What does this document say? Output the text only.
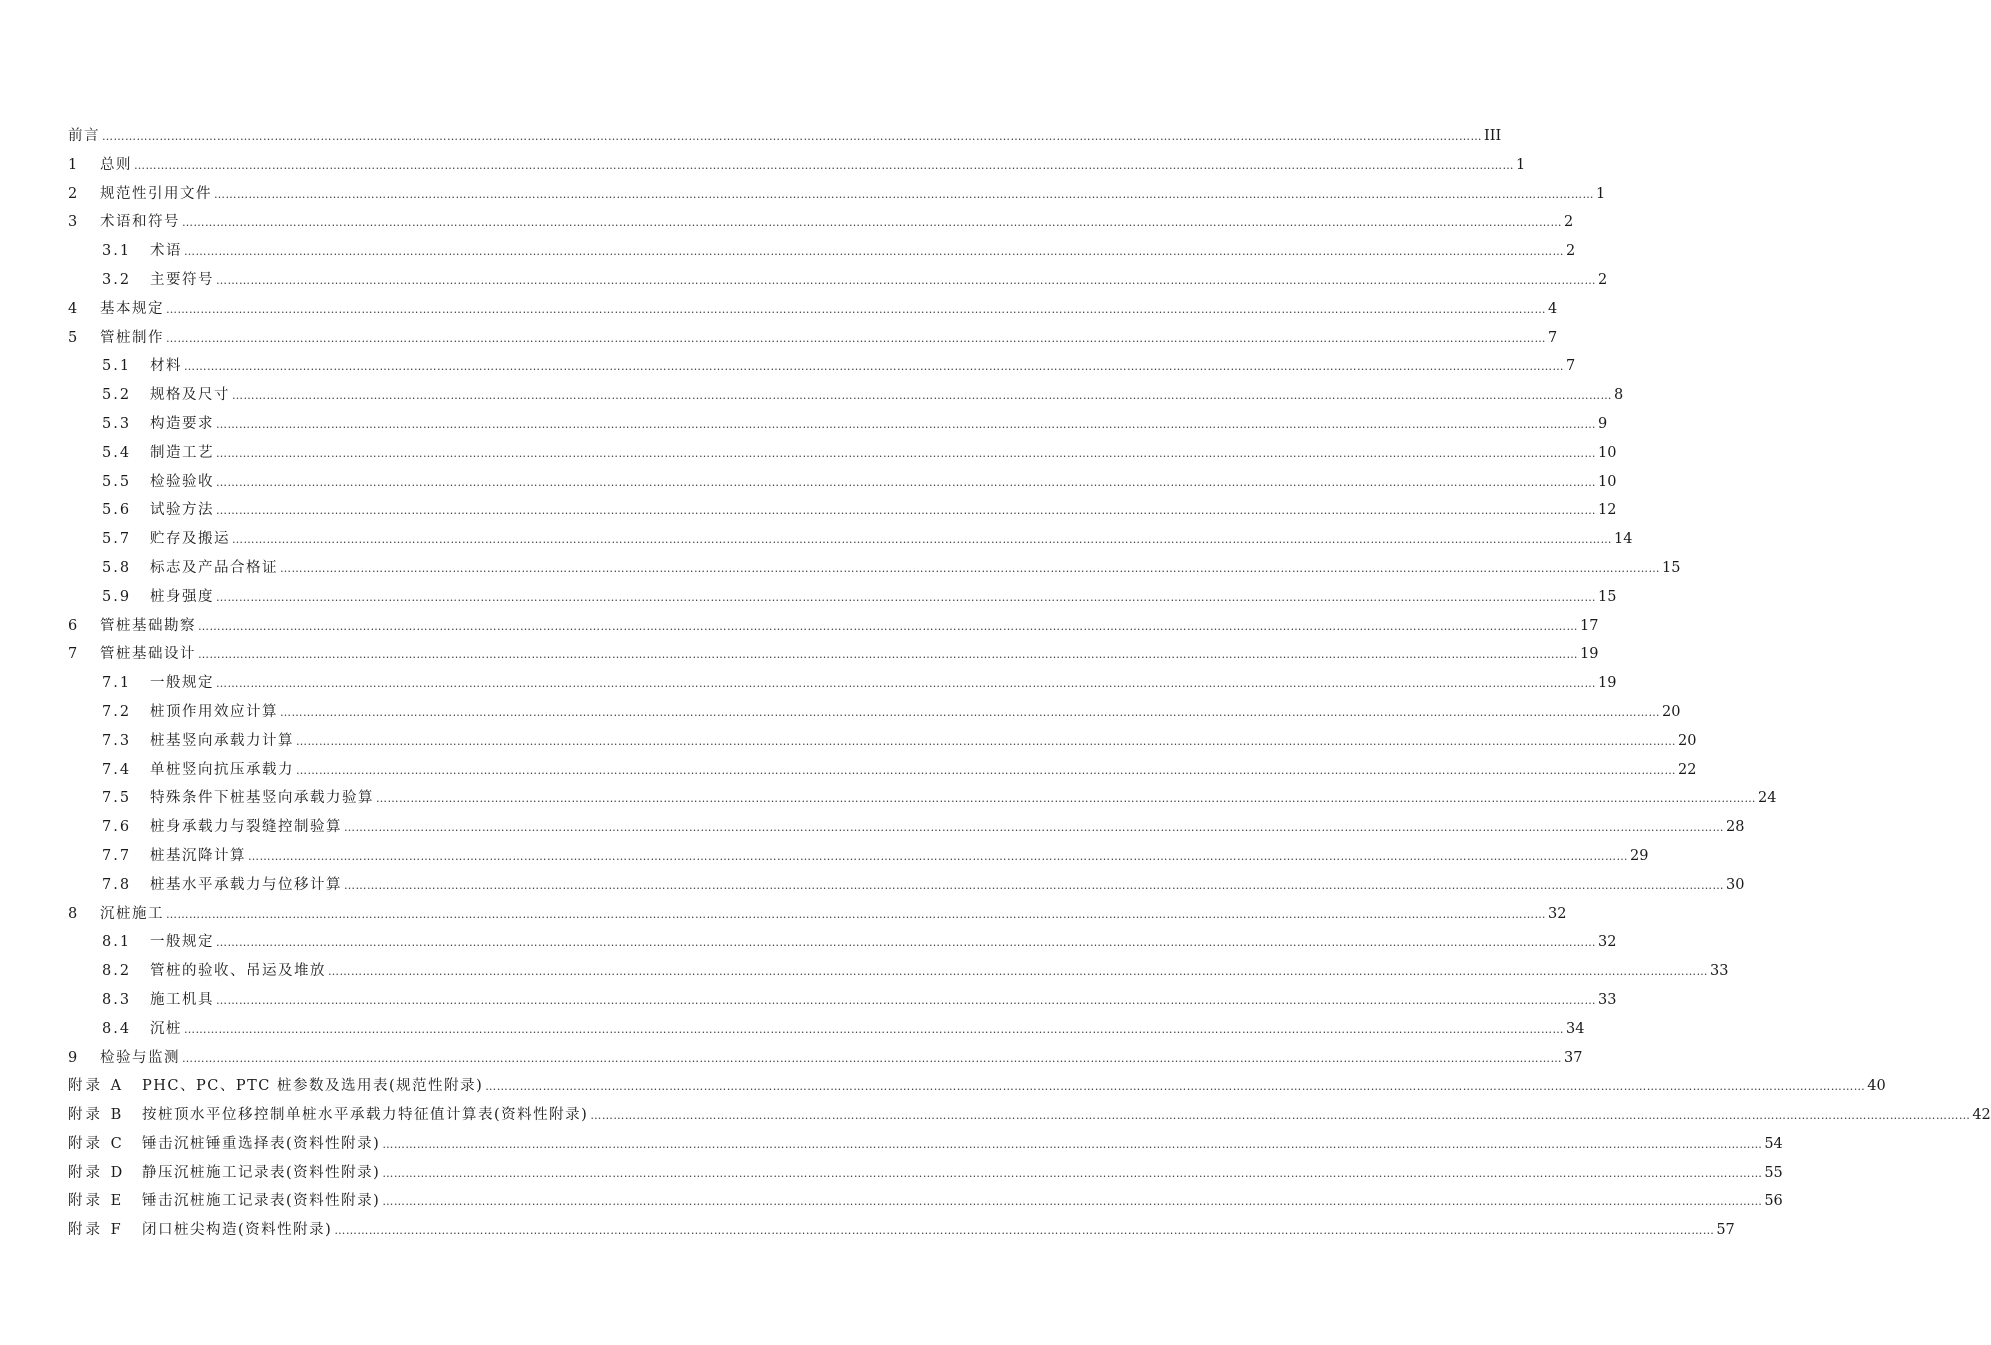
前言 ……………………………………………………………………………………………………………………………………………………………………………………………………………………………………………………………………………………………………………………………… III
1	总则 ……………………………………………………………………………………………………………………………………………………………………………………………………………………………………………………………………………………………………………………………… 1
2	规范性引用文件 ……………………………………………………………………………………………………………………………………………………………………………………………………………………………………………………………………………………………………………………………… 1
3	术语和符号 ……………………………………………………………………………………………………………………………………………………………………………………………………………………………………………………………………………………………………………………………… 2
3.1	术语 ……………………………………………………………………………………………………………………………………………………………………………………………………………………………………………………………………………………………………………………………… 2
3.2	主要符号 ……………………………………………………………………………………………………………………………………………………………………………………………………………………………………………………………………………………………………………………………… 2
4	基本规定 ……………………………………………………………………………………………………………………………………………………………………………………………………………………………………………………………………………………………………………………………… 4
5	管桩制作 ……………………………………………………………………………………………………………………………………………………………………………………………………………………………………………………………………………………………………………………………… 7
5.1	材料 ……………………………………………………………………………………………………………………………………………………………………………………………………………………………………………………………………………………………………………………………… 7
5.2	规格及尺寸 ……………………………………………………………………………………………………………………………………………………………………………………………………………………………………………………………………………………………………………………………… 8
5.3	构造要求 ……………………………………………………………………………………………………………………………………………………………………………………………………………………………………………………………………………………………………………………………… 9
5.4	制造工艺 ……………………………………………………………………………………………………………………………………………………………………………………………………………………………………………………………………………………………………………………………… 10
5.5	检验验收 ……………………………………………………………………………………………………………………………………………………………………………………………………………………………………………………………………………………………………………………………… 10
5.6	试验方法 ……………………………………………………………………………………………………………………………………………………………………………………………………………………………………………………………………………………………………………………………… 12
5.7	贮存及搬运 ……………………………………………………………………………………………………………………………………………………………………………………………………………………………………………………………………………………………………………………………… 14
5.8	标志及产品合格证 ……………………………………………………………………………………………………………………………………………………………………………………………………………………………………………………………………………………………………………………………… 15
5.9	桩身强度 ……………………………………………………………………………………………………………………………………………………………………………………………………………………………………………………………………………………………………………………………… 15
6	管桩基础勘察 ……………………………………………………………………………………………………………………………………………………………………………………………………………………………………………………………………………………………………………………………… 17
7	管桩基础设计 ……………………………………………………………………………………………………………………………………………………………………………………………………………………………………………………………………………………………………………………………… 19
7.1	一般规定 ……………………………………………………………………………………………………………………………………………………………………………………………………………………………………………………………………………………………………………………………… 19
7.2	桩顶作用效应计算 ……………………………………………………………………………………………………………………………………………………………………………………………………………………………………………………………………………………………………………………………… 20
7.3	桩基竖向承载力计算 ……………………………………………………………………………………………………………………………………………………………………………………………………………………………………………………………………………………………………………………………… 20
7.4	单桩竖向抗压承载力 ……………………………………………………………………………………………………………………………………………………………………………………………………………………………………………………………………………………………………………………………… 22
7.5	特殊条件下桩基竖向承载力验算 ……………………………………………………………………………………………………………………………………………………………………………………………………………………………………………………………………………………………………………………………… 24
7.6	桩身承载力与裂缝控制验算 ……………………………………………………………………………………………………………………………………………………………………………………………………………………………………………………………………………………………………………………………… 28
7.7	桩基沉降计算 ……………………………………………………………………………………………………………………………………………………………………………………………………………………………………………………………………………………………………………………………… 29
7.8	桩基水平承载力与位移计算 ……………………………………………………………………………………………………………………………………………………………………………………………………………………………………………………………………………………………………………………………… 30
8	沉桩施工 ……………………………………………………………………………………………………………………………………………………………………………………………………………………………………………………………………………………………………………………………… 32
8.1	一般规定 ……………………………………………………………………………………………………………………………………………………………………………………………………………………………………………………………………………………………………………………………… 32
8.2	管桩的验收、吊运及堆放 ……………………………………………………………………………………………………………………………………………………………………………………………………………………………………………………………………………………………………………………………… 33
8.3	施工机具 ……………………………………………………………………………………………………………………………………………………………………………………………………………………………………………………………………………………………………………………………… 33
8.4	沉桩 ……………………………………………………………………………………………………………………………………………………………………………………………………………………………………………………………………………………………………………………………… 34
9	检验与监测 ……………………………………………………………………………………………………………………………………………………………………………………………………………………………………………………………………………………………………………………………… 37
附录 A	PHC、PC、PTC 桩参数及选用表(规范性附录) ……………………………………………………………………………………………………………………………………………………………………………………………………………………………………………………………………………………………………………………………… 40
附录 B	按桩顶水平位移控制单桩水平承载力特征值计算表(资料性附录) ……………………………………………………………………………………………………………………………………………………………………………………………………………………………………………………………………………………………………………………………… 42
附录 C	锤击沉桩锤重选择表(资料性附录) ……………………………………………………………………………………………………………………………………………………………………………………………………………………………………………………………………………………………………………………………… 54
附录 D	静压沉桩施工记录表(资料性附录) ……………………………………………………………………………………………………………………………………………………………………………………………………………………………………………………………………………………………………………………………… 55
附录 E	锤击沉桩施工记录表(资料性附录) ……………………………………………………………………………………………………………………………………………………………………………………………………………………………………………………………………………………………………………………………… 56
附录 F	闭口桩尖构造(资料性附录) ……………………………………………………………………………………………………………………………………………………………………………………………………………………………………………………………………………………………………………………………… 57
